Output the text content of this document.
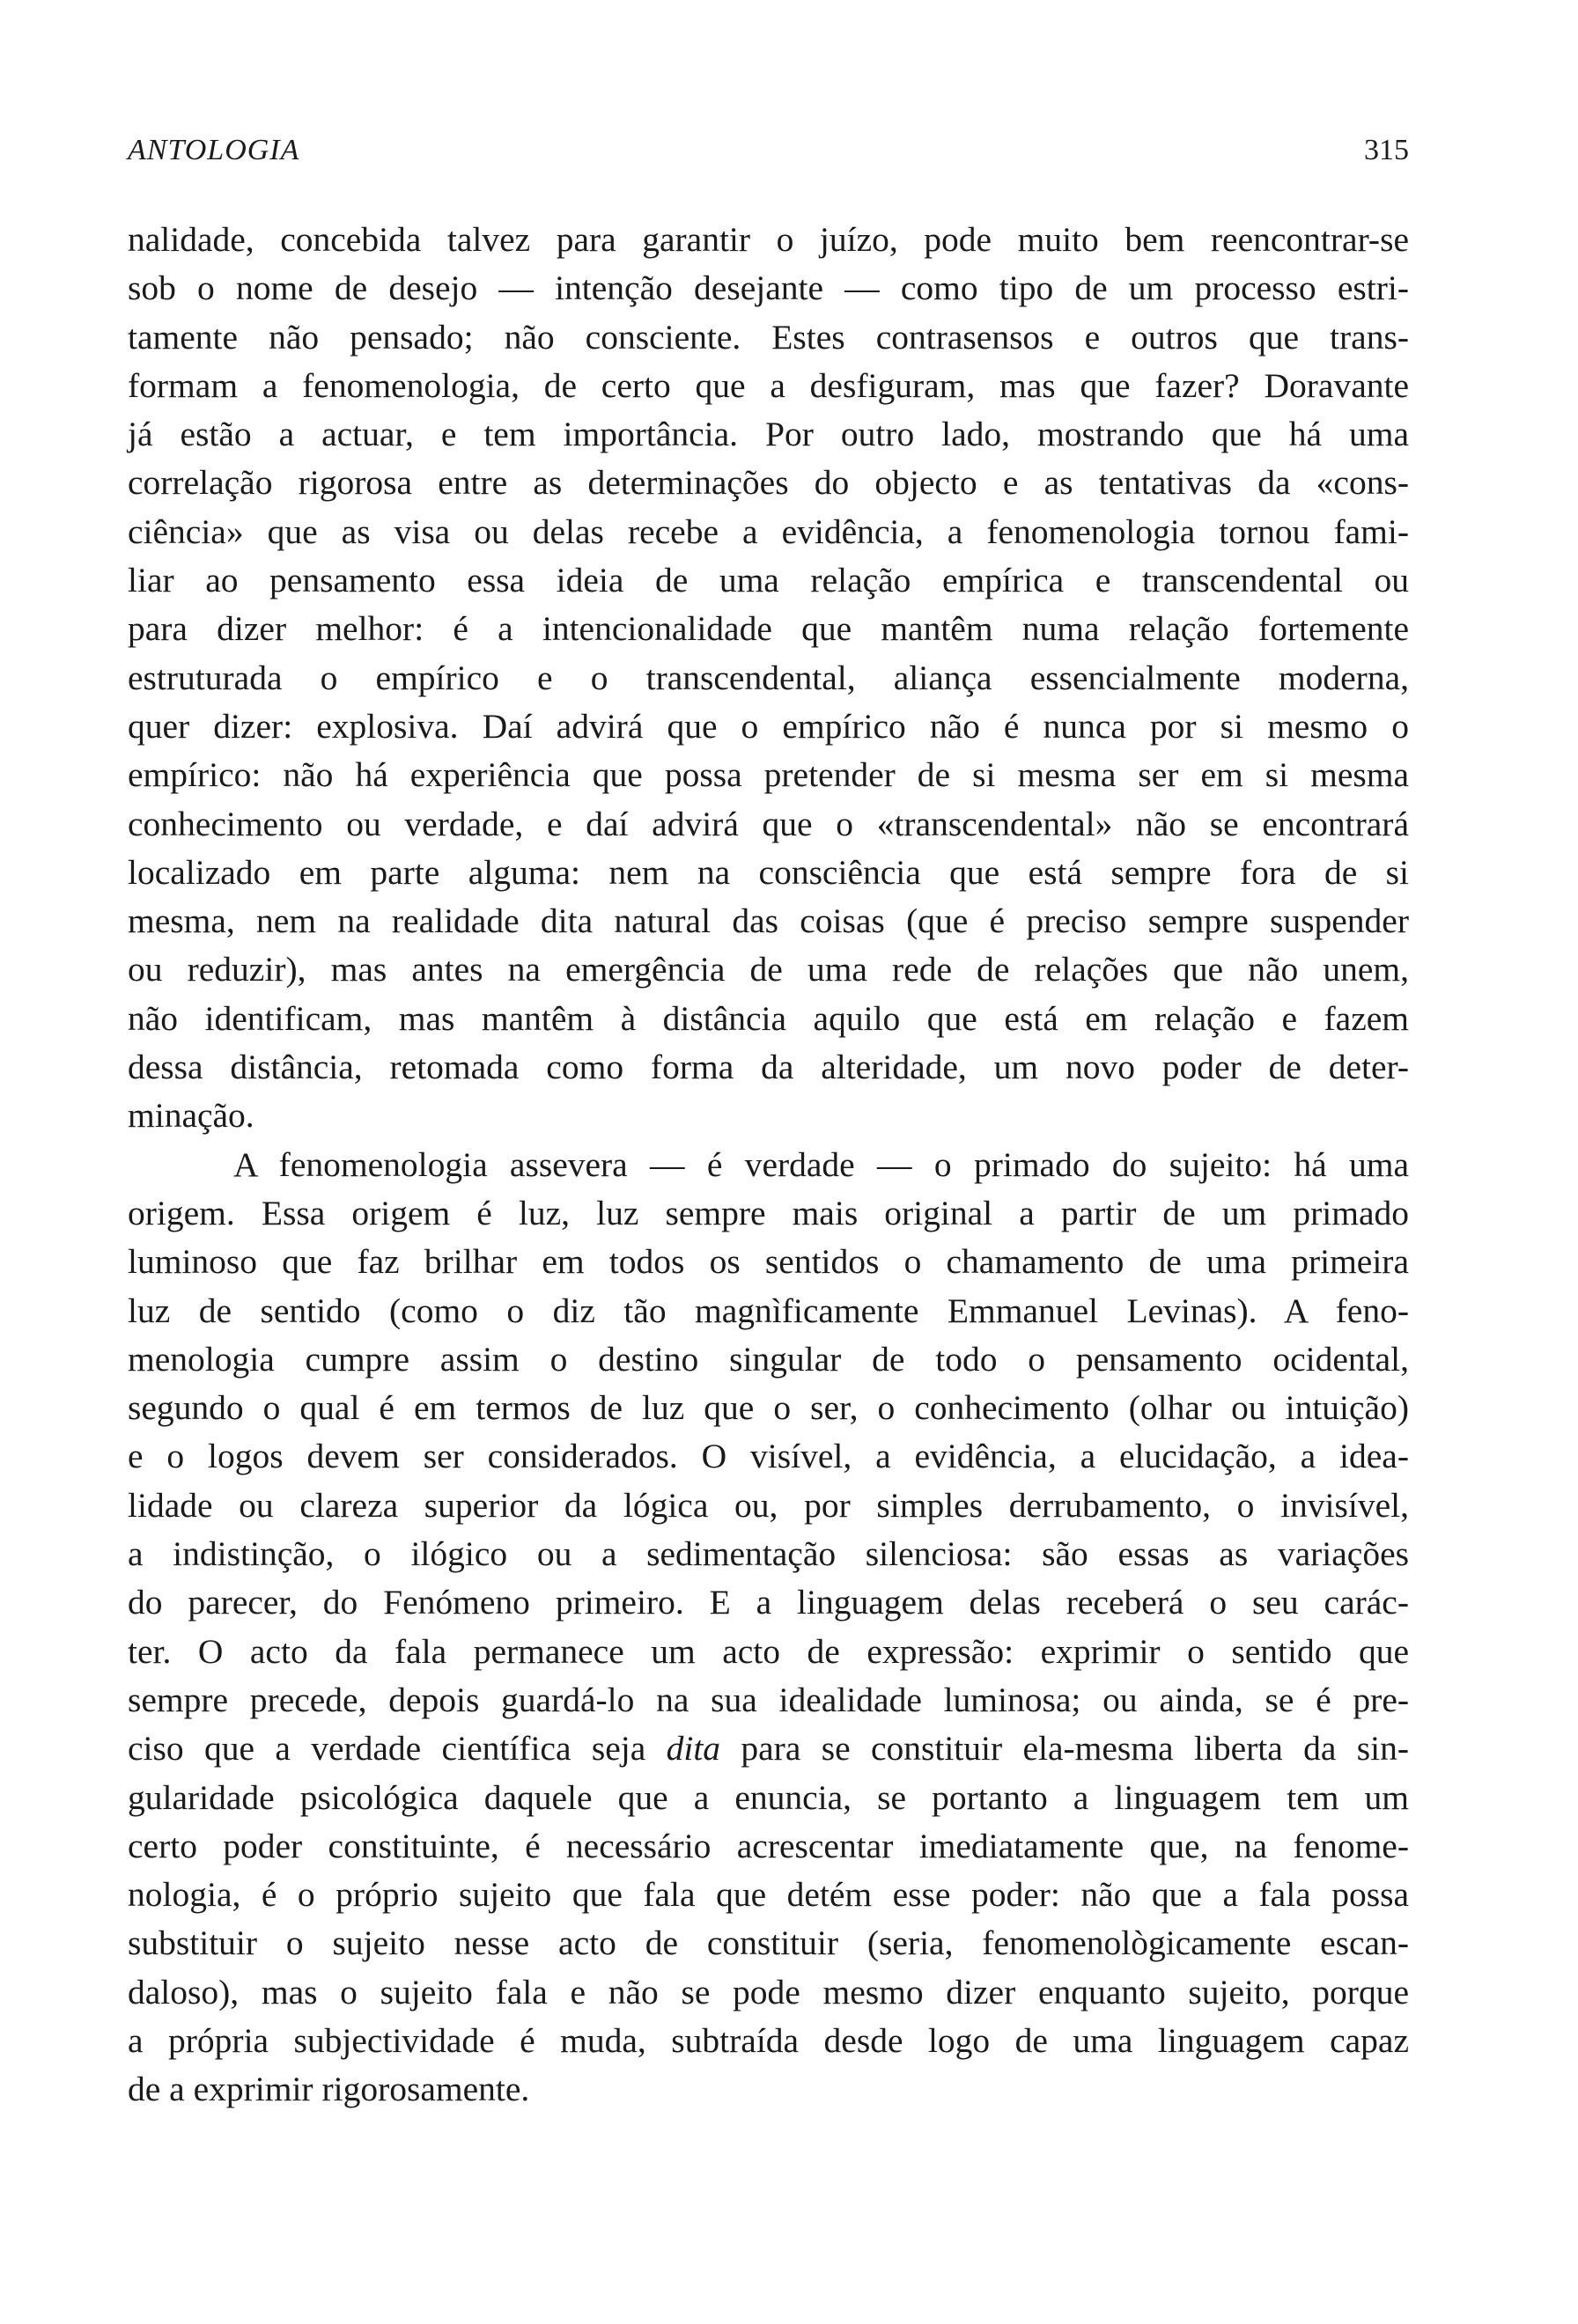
ANTOLOGIA	315
nalidade, concebida talvez para garantir o juízo, pode muito bem reencontrar-se
sob o nome de desejo — intenção desejante — como tipo de um processo estri-
tamente não pensado; não consciente. Estes contrasensos e outros que trans-
formam a fenomenologia, de certo que a desfiguram, mas que fazer? Doravante
já estão a actuar, e tem importância. Por outro lado, mostrando que há uma
correlação rigorosa entre as determinações do objecto e as tentativas da «cons-
ciência» que as visa ou delas recebe a evidência, a fenomenologia tornou fami-
liar ao pensamento essa ideia de uma relação empírica e transcendental ou
para dizer melhor: é a intencionalidade que mantêm numa relação fortemente
estruturada o empírico e o transcendental, aliança essencialmente moderna,
quer dizer: explosiva. Daí advirá que o empírico não é nunca por si mesmo o
empírico: não há experiência que possa pretender de si mesma ser em si mesma
conhecimento ou verdade, e daí advirá que o «transcendental» não se encontrará
localizado em parte alguma: nem na consciência que está sempre fora de si
mesma, nem na realidade dita natural das coisas (que é preciso sempre suspender
ou reduzir), mas antes na emergência de uma rede de relações que não unem,
não identificam, mas mantêm à distância aquilo que está em relação e fazem
dessa distância, retomada como forma da alteridade, um novo poder de deter-
minação.
A fenomenologia assevera — é verdade — o primado do sujeito: há uma
origem. Essa origem é luz, luz sempre mais original a partir de um primado
luminoso que faz brilhar em todos os sentidos o chamamento de uma primeira
luz de sentido (como o diz tão magnìficamente Emmanuel Levinas). A feno-
menologia cumpre assim o destino singular de todo o pensamento ocidental,
segundo o qual é em termos de luz que o ser, o conhecimento (olhar ou intuição)
e o logos devem ser considerados. O visível, a evidência, a elucidação, a idea-
lidade ou clareza superior da lógica ou, por simples derrubamento, o invisível,
a indistinção, o ilógico ou a sedimentação silenciosa: são essas as variações
do parecer, do Fenómeno primeiro. E a linguagem delas receberá o seu carác-
ter. O acto da fala permanece um acto de expressão: exprimir o sentido que
sempre precede, depois guardá-lo na sua idealidade luminosa; ou ainda, se é pre-
ciso que a verdade científica seja dita para se constituir ela-mesma liberta da sin-
gularidade psicológica daquele que a enuncia, se portanto a linguagem tem um
certo poder constituinte, é necessário acrescentar imediatamente que, na fenome-
nologia, é o próprio sujeito que fala que detém esse poder: não que a fala possa
substituir o sujeito nesse acto de constituir (seria, fenomenològicamente escan-
daloso), mas o sujeito fala e não se pode mesmo dizer enquanto sujeito, porque
a própria subjectividade é muda, subtraída desde logo de uma linguagem capaz
de a exprimir rigorosamente.
